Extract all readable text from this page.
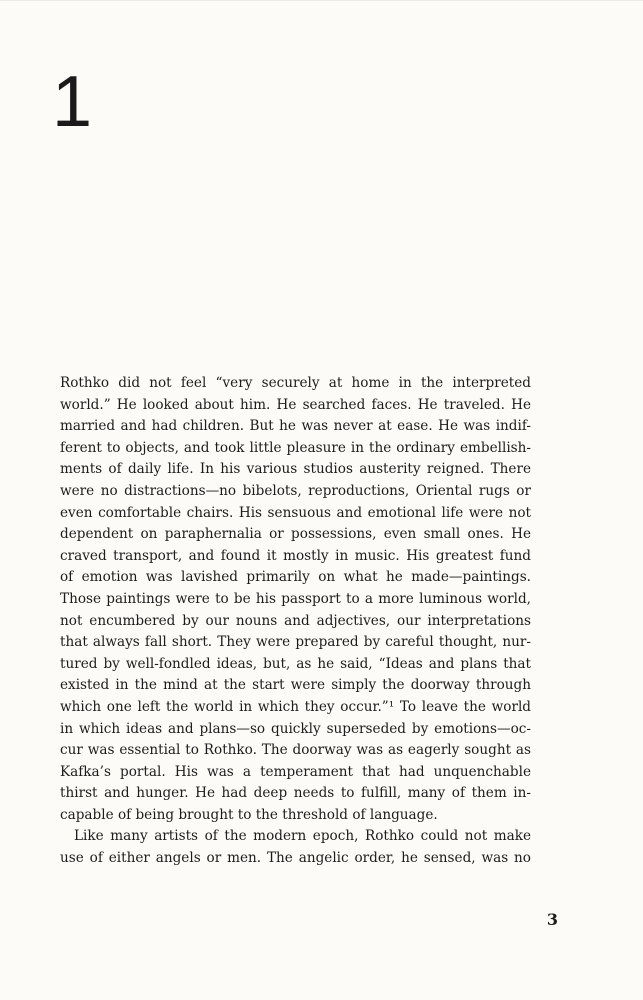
1
Rothko did not feel “very securely at home in the interpreted
world.” He looked about him. He searched faces. He traveled. He
married and had children. But he was never at ease. He was indif-
ferent to objects, and took little pleasure in the ordinary embellish-
ments of daily life. In his various studios austerity reigned. There
were no distractions—no bibelots, reproductions, Oriental rugs or
even comfortable chairs. His sensuous and emotional life were not
dependent on paraphernalia or possessions, even small ones. He
craved transport, and found it mostly in music. His greatest fund
of emotion was lavished primarily on what he made—paintings.
Those paintings were to be his passport to a more luminous world,
not encumbered by our nouns and adjectives, our interpretations
that always fall short. They were prepared by careful thought, nur-
tured by well-fondled ideas, but, as he said, “Ideas and plans that
existed in the mind at the start were simply the doorway through
which one left the world in which they occur.”¹ To leave the world
in which ideas and plans—so quickly superseded by emotions—oc-
cur was essential to Rothko. The doorway was as eagerly sought as
Kafka’s portal. His was a temperament that had unquenchable
thirst and hunger. He had deep needs to fulfill, many of them in-
capable of being brought to the threshold of language.
Like many artists of the modern epoch, Rothko could not make
use of either angels or men. The angelic order, he sensed, was no
3
